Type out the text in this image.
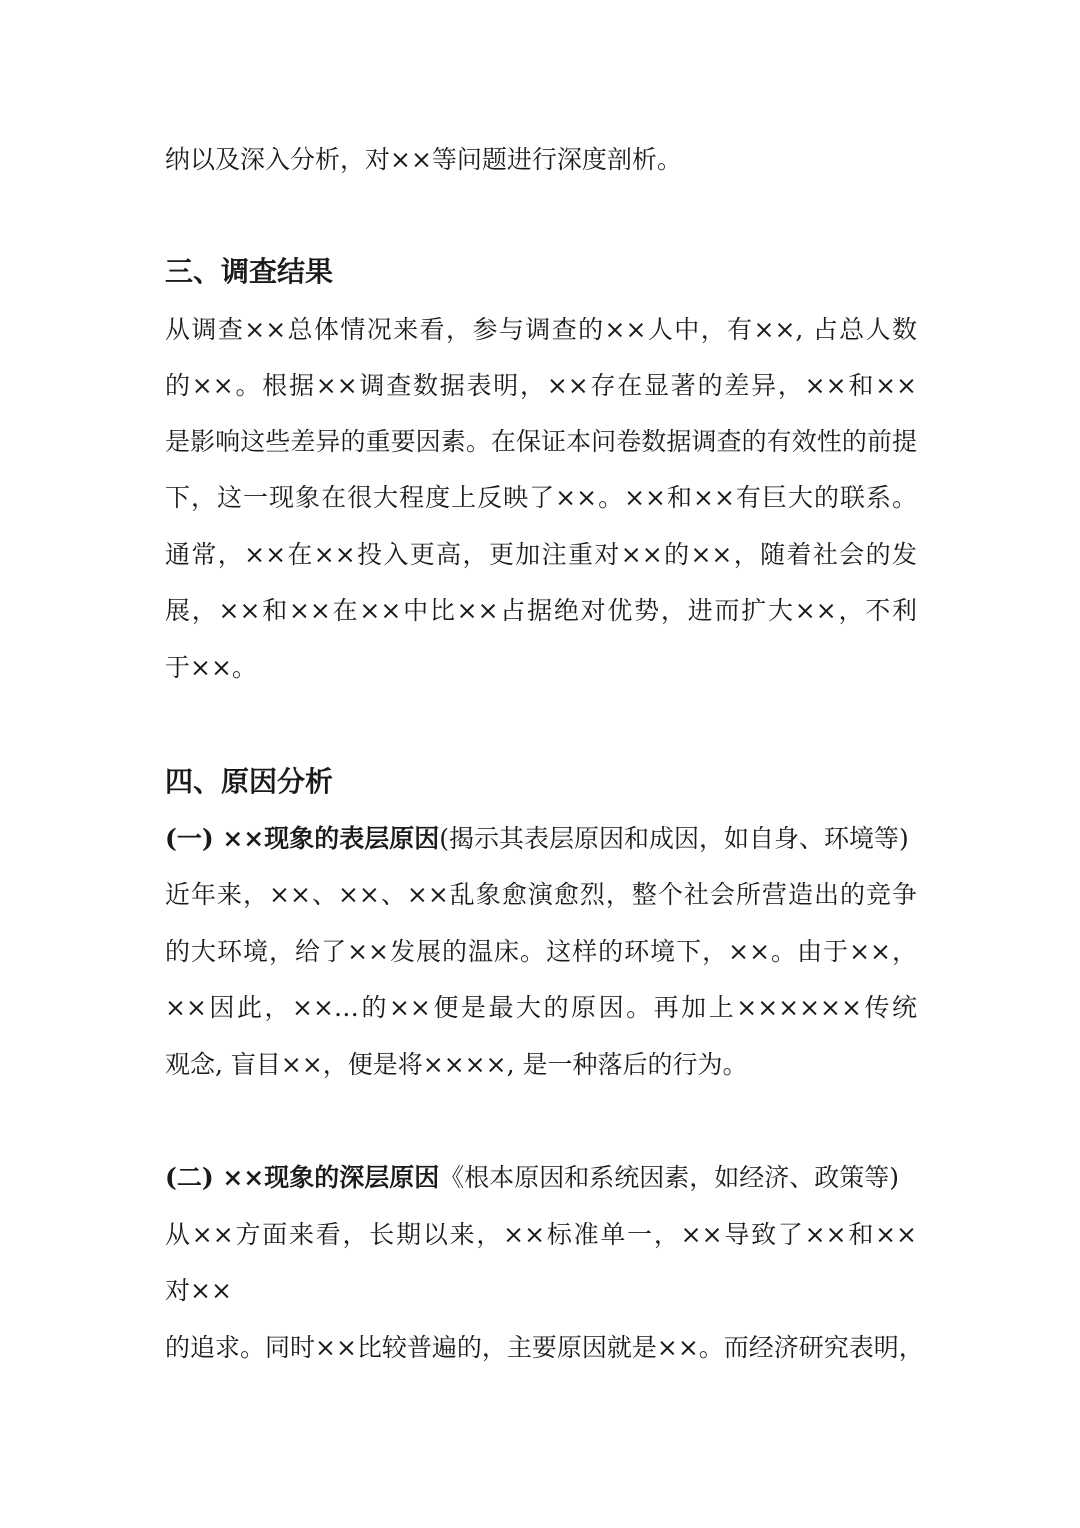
纳以及深入分析，对××等问题进行深度剖析。

三、调查结果

从调查××总体情况来看，参与调查的××人中，有××, 占总人数

的××。根据××调查数据表明，××存在显著的差异，××和××

是影响这些差异的重要因素。在保证本问卷数据调查的有效性的前提

下，这一现象在很大程度上反映了××。××和××有巨大的联系。

通常，××在××投入更高，更加注重对××的××，随着社会的发

展，××和××在××中比××占据绝对优势，进而扩大××，不利

于××。

四、原因分析

(一) ××现象的表层原因(揭示其表层原因和成因，如自身、环境等)

近年来，××、××、××乱象愈演愈烈，整个社会所营造出的竞争

的大环境，给了××发展的温床。这样的环境下，××。由于××，

××因此，××…的××便是最大的原因。再加上××××××传统

观念, 盲目××，便是将××××, 是一种落后的行为。

(二) ××现象的深层原因《根本原因和系统因素，如经济、政策等)

从××方面来看，长期以来，××标准单一，××导致了××和××

对××

的追求。同时××比较普遍的，主要原因就是××。而经济研究表明，
